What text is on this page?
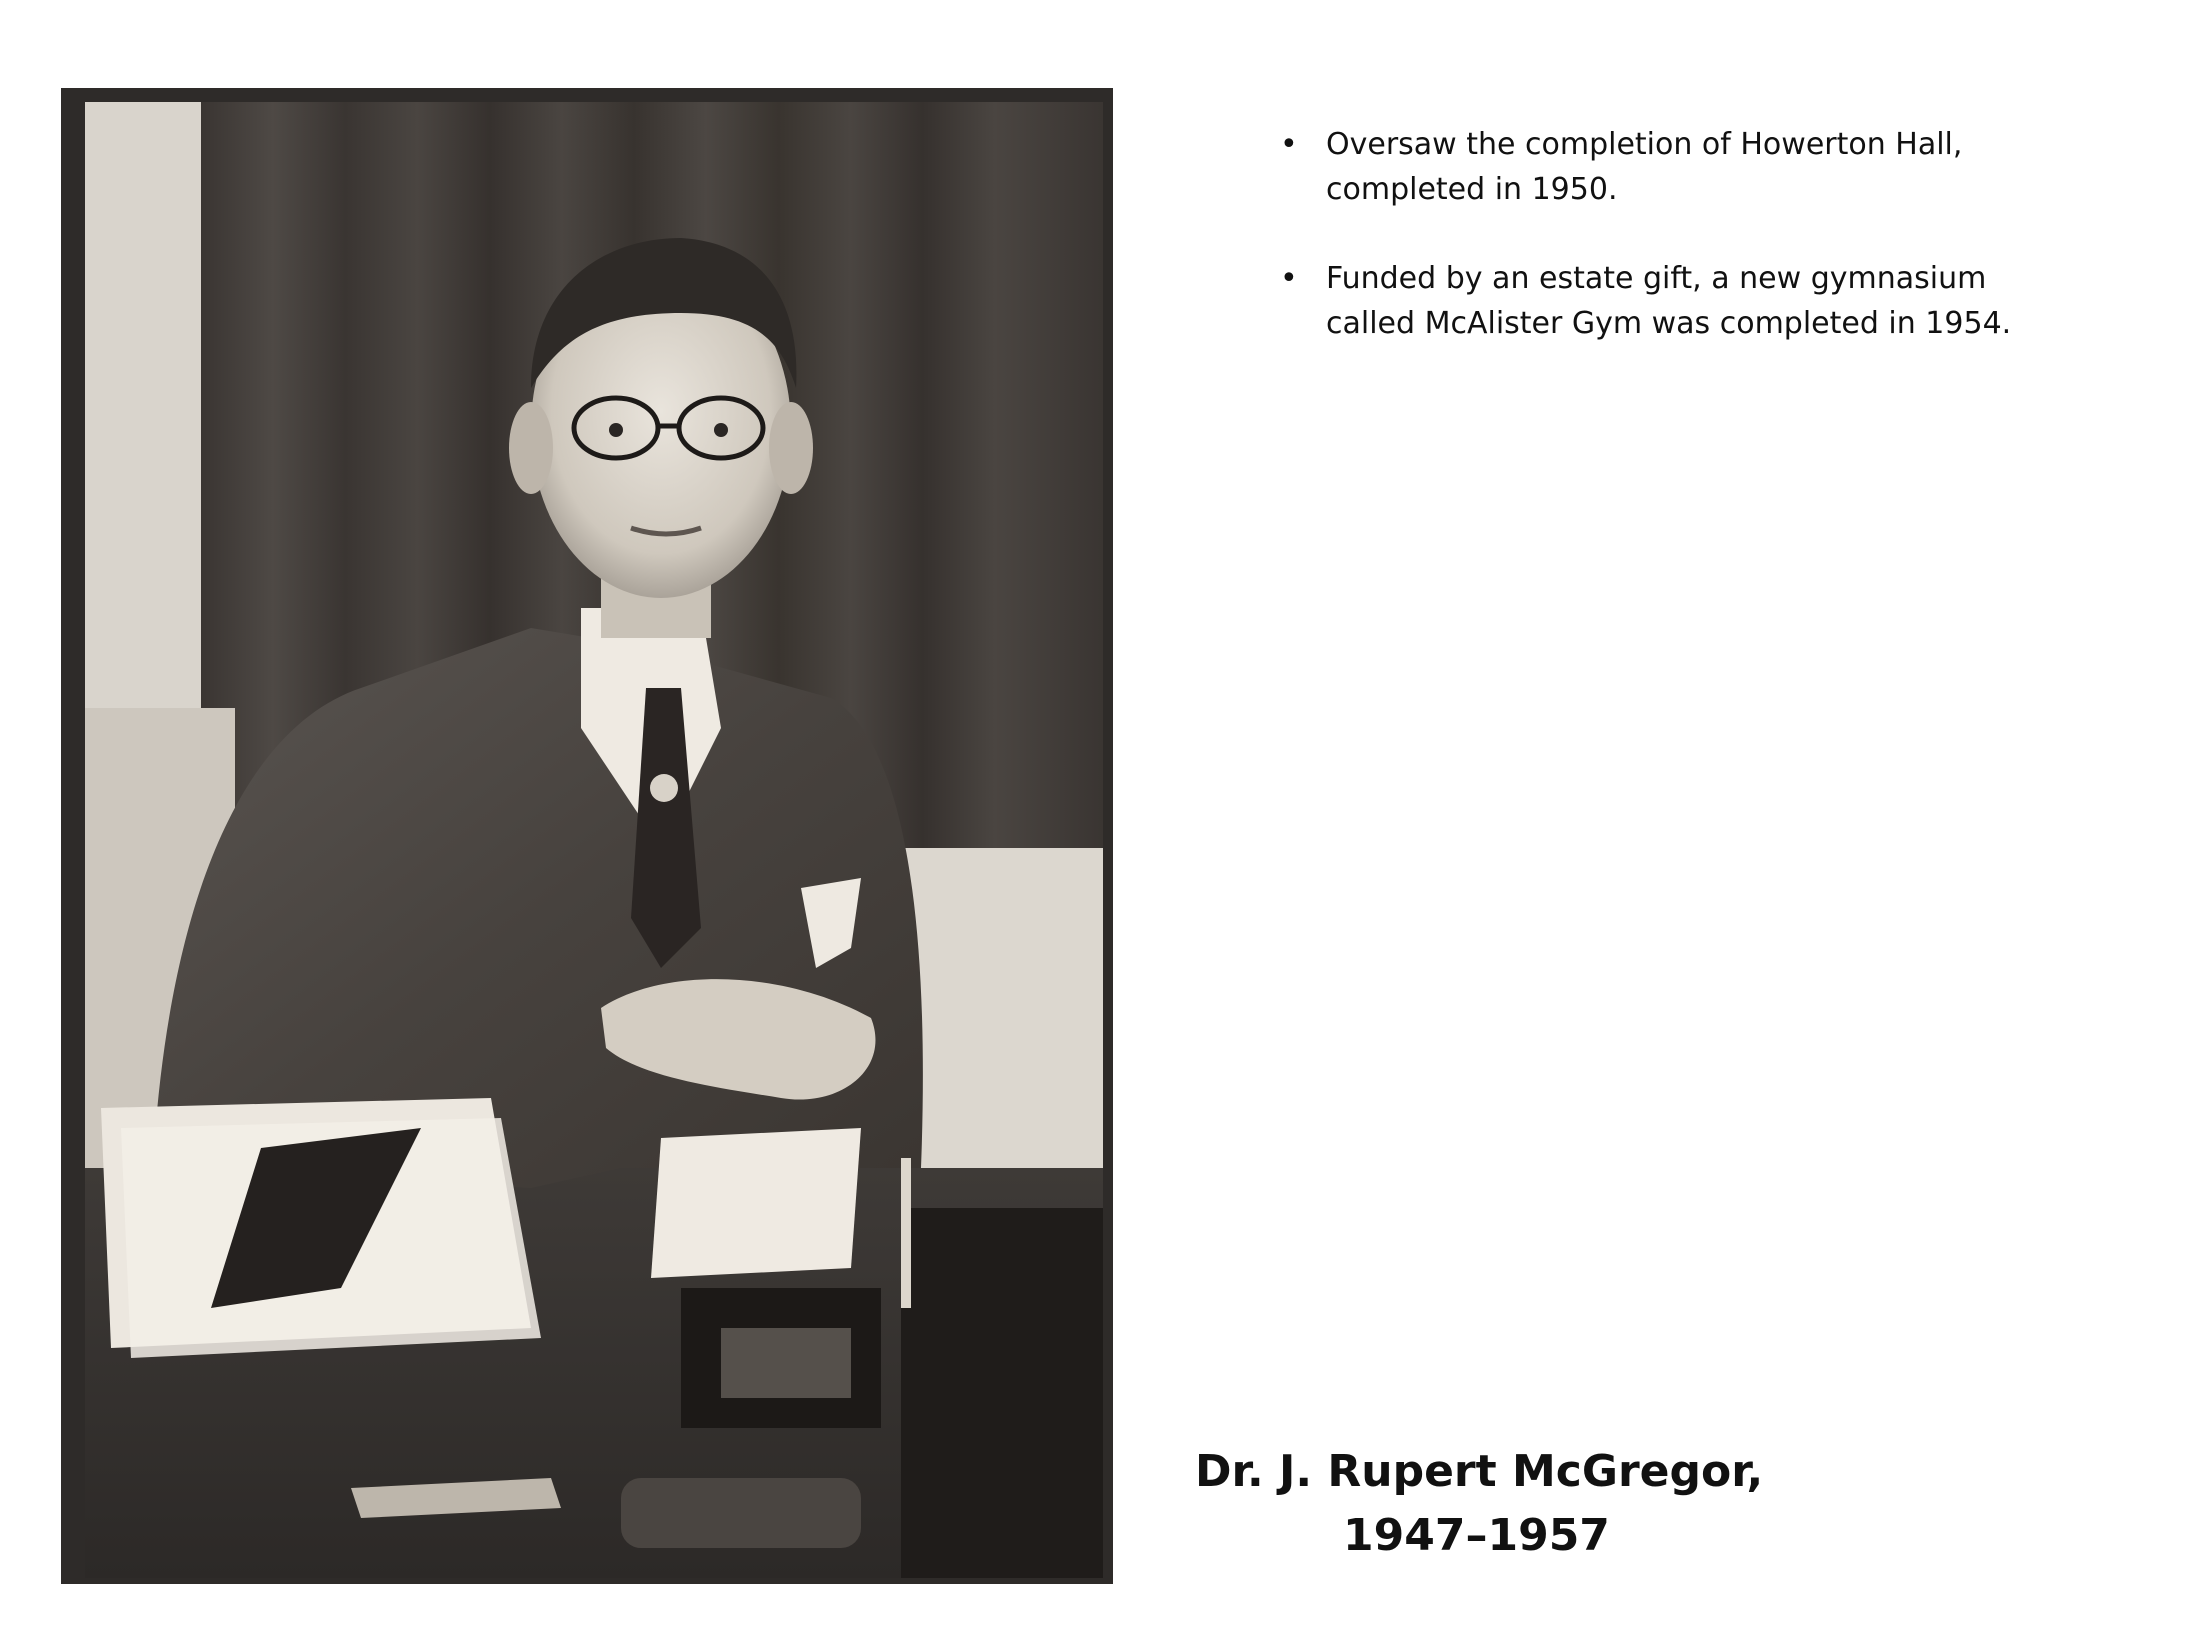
• Oversaw the completion of Howerton Hall, completed in 1950.
• Funded by an estate gift, a new gymnasium called McAlister Gym was completed in 1954.
Dr. J. Rupert McGregor,
1947–1957
